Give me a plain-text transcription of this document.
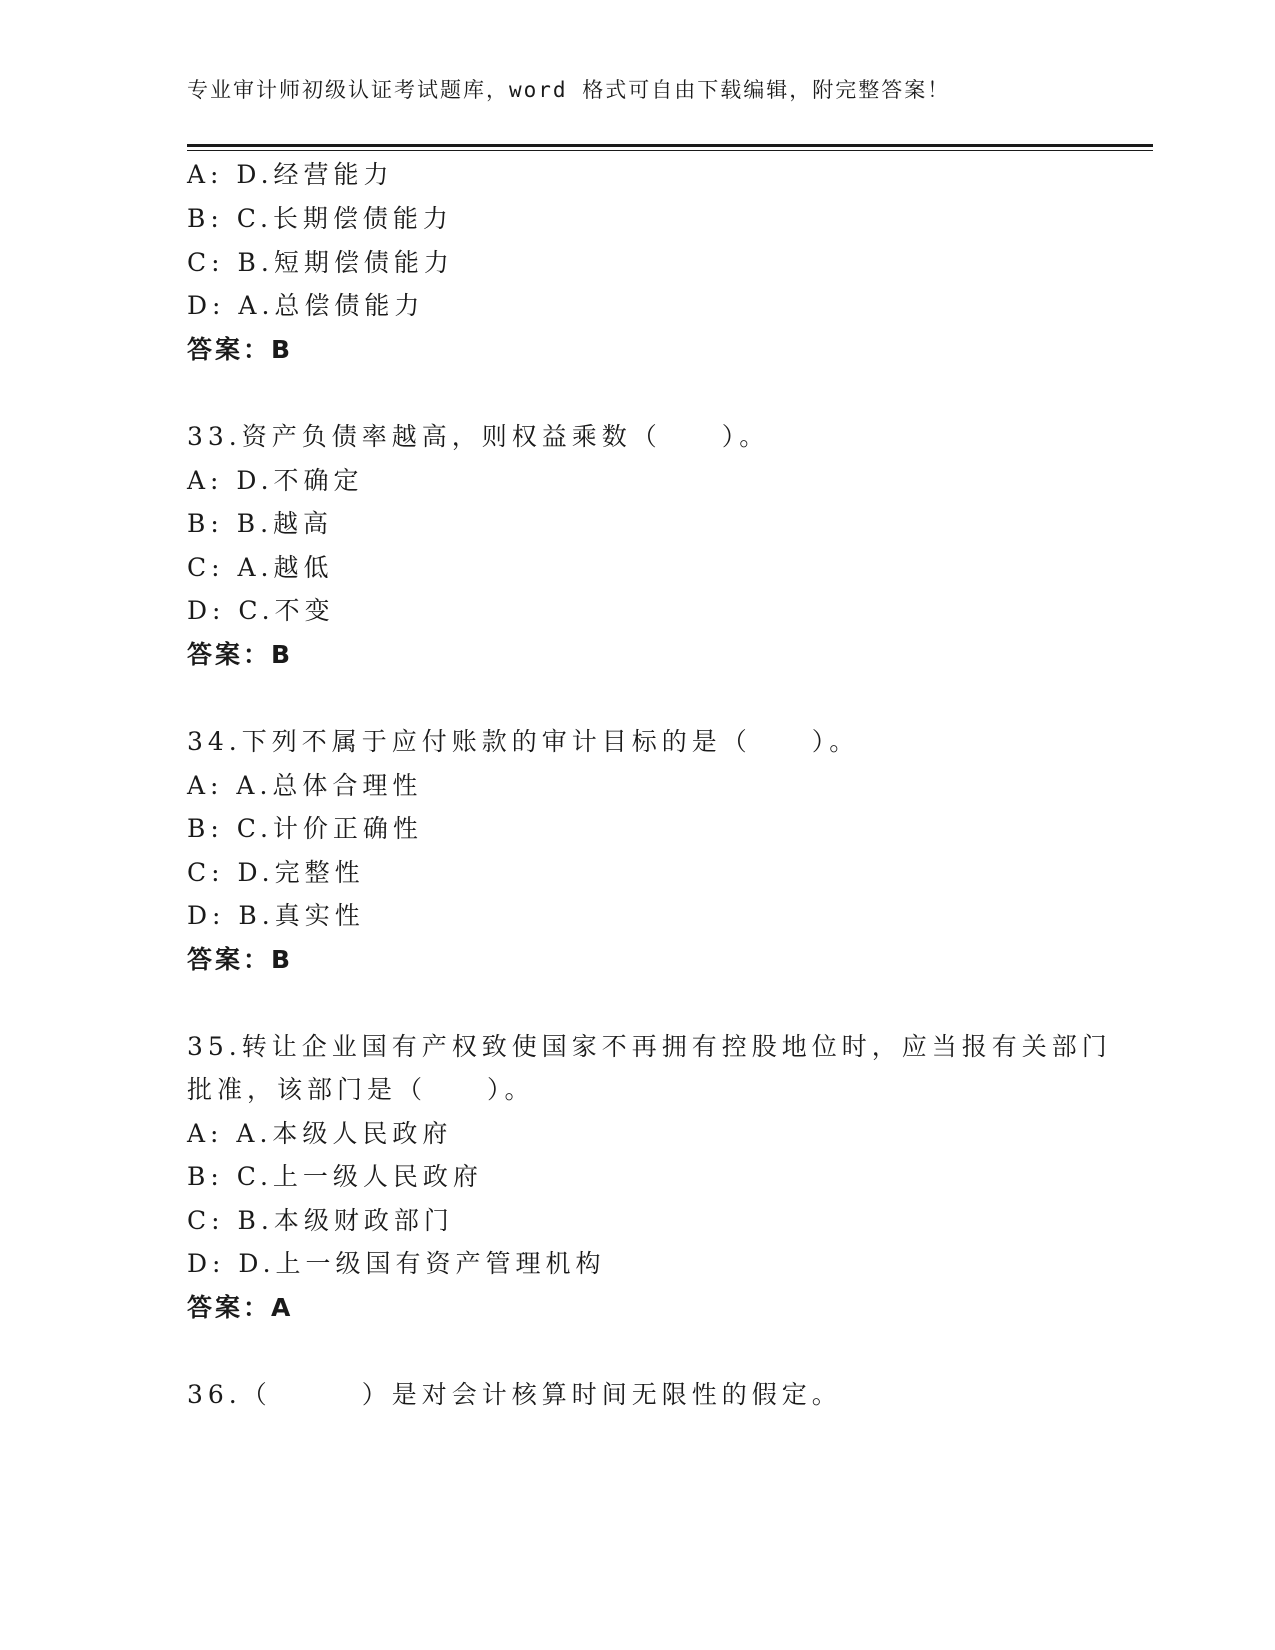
专业审计师初级认证考试题库，word 格式可自由下载编辑，附完整答案！
A: D.经营能力
B: C.长期偿债能力
C: B.短期偿债能力
D: A.总偿债能力
答案：B
33.资产负债率越高，则权益乘数（　　）。
A: D.不确定
B: B.越高
C: A.越低
D: C.不变
答案：B
34.下列不属于应付账款的审计目标的是（　　）。
A: A.总体合理性
B: C.计价正确性
C: D.完整性
D: B.真实性
答案：B
35.转让企业国有产权致使国家不再拥有控股地位时，应当报有关部门
批准，该部门是（　　）。
A: A.本级人民政府
B: C.上一级人民政府
C: B.本级财政部门
D: D.上一级国有资产管理机构
答案：A
36.（　　　）是对会计核算时间无限性的假定。
